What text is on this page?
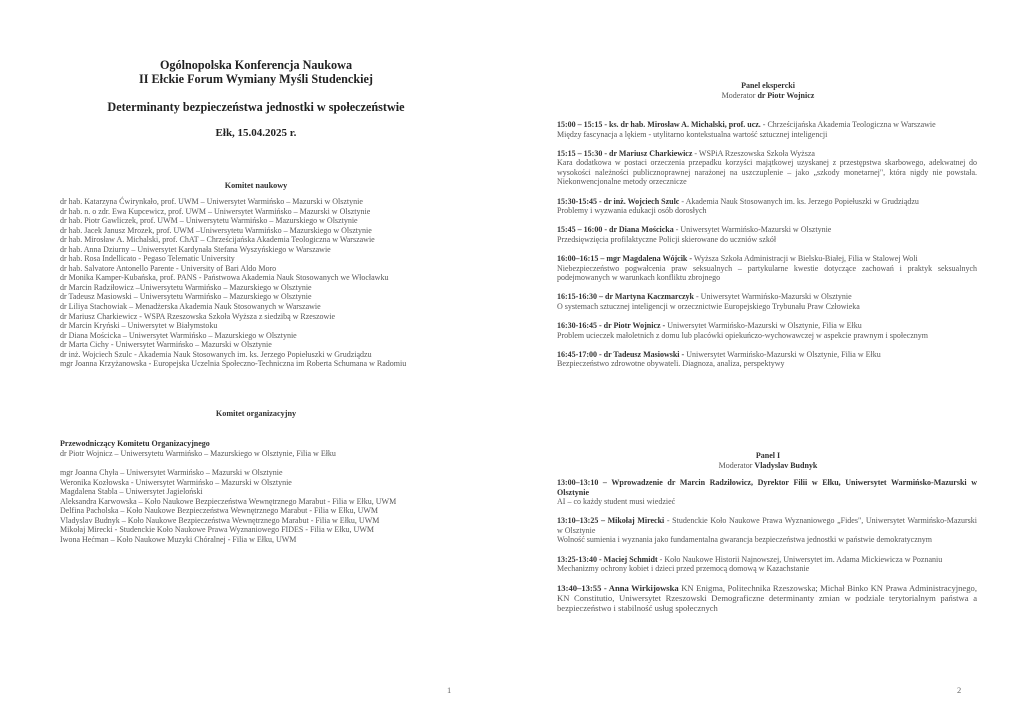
Ogólnopolska Konferencja Naukowa
II Ełckie Forum Wymiany Myśli Studenckiej
Determinanty bezpieczeństwa jednostki w społeczeństwie
Ełk, 15.04.2025 r.
Komitet naukowy
dr hab. Katarzyna Ćwirynkało, prof. UWM – Uniwersytet Warmińsko – Mazurski w Olsztynie
dr hab. n. o zdr. Ewa Kupcewicz, prof. UWM – Uniwersytet Warmińsko – Mazurski w Olsztynie
dr hab. Piotr Gawliczek, prof. UWM – Uniwersytetu Warmińsko – Mazurskiego w Olsztynie
dr hab. Jacek Janusz Mrozek, prof. UWM –Uniwersytetu Warmińsko – Mazurskiego w Olsztynie
dr hab. Mirosław A. Michalski, prof. ChAT – Chrześcijańska Akademia Teologiczna w Warszawie
dr hab. Anna Dziurny – Uniwersytet Kardynała Stefana Wyszyńskiego w Warszawie
dr hab. Rosa Indellicato - Pegaso Telematic University
dr hab. Salvatore Antonello Parente - University of Bari Aldo Moro
dr Monika Kamper-Kubańska, prof. PANS - Państwowa Akademia Nauk Stosowanych we Włocławku
dr Marcin Radziłowicz –Uniwersytetu Warmińsko – Mazurskiego w Olsztynie
dr Tadeusz Masiowski – Uniwersytetu Warmińsko – Mazurskiego w Olsztynie
dr Liliya Stachowiak – Menadżerska Akademia Nauk Stosowanych w Warszawie
dr Mariusz Charkiewicz - WSPA Rzeszowska Szkoła Wyższa z siedzibą w Rzeszowie
dr Marcin Kryński – Uniwersytet w Białymstoku
dr Diana Mościcka – Uniwersytet Warmińsko – Mazurskiego w Olsztynie
dr Marta Cichy - Uniwersytet Warmińsko – Mazurski w Olsztynie
dr inż. Wojciech Szulc - Akademia Nauk Stosowanych im. ks. Jerzego Popiełuszki w Grudziądzu
mgr Joanna Krzyżanowska - Europejska Uczelnia Społeczno-Techniczna im Roberta Schumana w Radomiu
Komitet organizacyjny
Przewodniczący Komitetu Organizacyjnego
dr Piotr Wojnicz – Uniwersytetu Warmińsko – Mazurskiego w Olsztynie, Filia w Ełku
mgr Joanna Chyła – Uniwersytet Warmińsko – Mazurski w Olsztynie
Weronika Kozłowska - Uniwersytet Warmińsko – Mazurski w Olsztynie
Magdalena Stabla – Uniwersytet Jagieloński
Aleksandra Karwowska – Koło Naukowe Bezpieczeństwa Wewnętrznego Marabut - Filia w Ełku, UWM
Delfina Pacholska – Koło Naukowe Bezpieczeństwa Wewnętrznego Marabut - Filia w Ełku, UWM
Vladyslav Budnyk – Koło Naukowe Bezpieczeństwa Wewnętrznego Marabut - Filia w Ełku, UWM
Mikołaj Mirecki - Studenckie Koło Naukowe Prawa Wyznaniowego FIDES - Filia w Ełku, UWM
Iwona Hećman – Koło Naukowe Muzyki Chóralnej - Filia w Ełku, UWM
1
Panel ekspercki
Moderator dr Piotr Wojnicz
15:00 – 15:15 - ks. dr hab. Mirosław A. Michalski, prof. ucz. - Chrześcijańska Akademia Teologiczna w Warszawie
Między fascynacja a lękiem - utylitarno kontekstualna wartość sztucznej inteligencji
15:15 – 15:30 - dr Mariusz Charkiewicz - WSPiA Rzeszowska Szkoła Wyższa
Kara dodatkowa w postaci orzeczenia przepadku korzyści majątkowej uzyskanej z przestępstwa skarbowego, adekwatnej do wysokości należności publicznoprawnej narażonej na uszczuplenie – jako „szkody monetarnej", która nigdy nie powstała. Niekonwencjonalne metody orzecznicze
15:30-15:45 - dr inż. Wojciech Szulc - Akademia Nauk Stosowanych im. ks. Jerzego Popiełuszki w Grudziądzu
Problemy i wyzwania edukacji osób dorosłych
15:45 – 16:00 - dr Diana Mościcka - Uniwersytet Warmińsko-Mazurski w Olsztynie
Przedsięwzięcia profilaktyczne Policji skierowane do uczniów szkół
16:00–16:15 – mgr Magdalena Wójcik - Wyższa Szkoła Administracji w Bielsku-Białej, Filia w Stalowej Woli
Niebezpieczeństwo pogwałcenia praw seksualnych – partykularne kwestie dotyczące zachowań i praktyk seksualnych podejmowanych w warunkach konfliktu zbrojnego
16:15-16:30 – dr Martyna Kaczmarczyk - Uniwersytet Warmińsko-Mazurski w Olsztynie
O systemach sztucznej inteligencji w orzecznictwie Europejskiego Trybunału Praw Człowieka
16:30-16:45 - dr Piotr Wojnicz - Uniwersytet Warmińsko-Mazurski w Olsztynie, Filia w Ełku
Problem ucieczek małoletnich z domu lub placówki opiekuńczo-wychowawczej w aspekcie prawnym i społecznym
16:45-17:00 - dr Tadeusz Masiowski - Uniwersytet Warmińsko-Mazurski w Olsztynie, Filia w Ełku
Bezpieczeństwo zdrowotne obywateli. Diagnoza, analiza, perspektywy
Panel I
Moderator Vladyslav Budnyk
13:00–13:10 – Wprowadzenie dr Marcin Radziłowicz, Dyrektor Filii w Ełku, Uniwersytet Warmińsko-Mazurski w Olsztynie
AI – co każdy student musi wiedzieć
13:10–13:25 – Mikołaj Mirecki - Studenckie Koło Naukowe Prawa Wyznaniowego „Fides", Uniwersytet Warmińsko-Mazurski w Olsztynie
Wolność sumienia i wyznania jako fundamentalna gwarancja bezpieczeństwa jednostki w państwie demokratycznym
13:25-13:40 - Maciej Schmidt - Koło Naukowe Historii Najnowszej, Uniwersytet im. Adama Mickiewicza w Poznaniu
Mechanizmy ochrony kobiet i dzieci przed przemocą domową w Kazachstanie
13:40–13:55 - Anna Wirkijowska KN Enigma, Politechnika Rzeszowska; Michał Binko KN Prawa Administracyjnego, KN Constitutio, Uniwersytet Rzeszowski Demograficzne determinanty zmian w podziale terytorialnym państwa a bezpieczeństwo i stabilność usług społecznych
2
